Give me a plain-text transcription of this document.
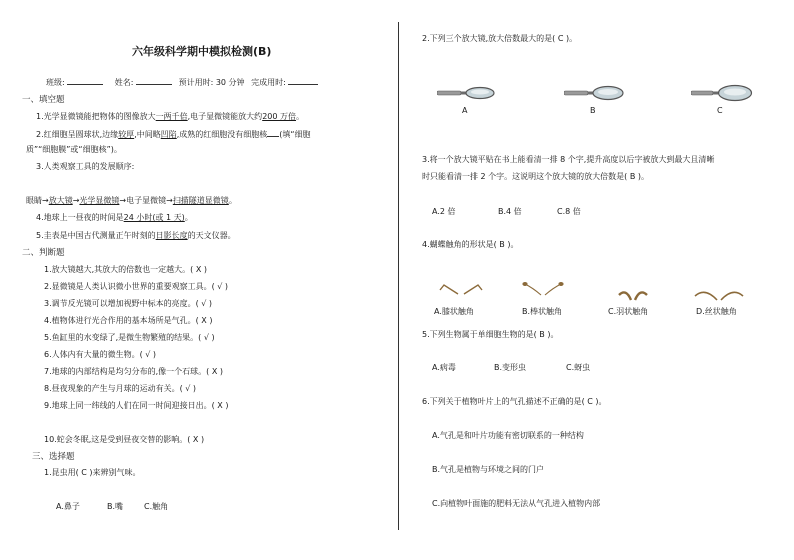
六年级科学期中模拟检测(B)
班级:	姓名:	预计用时: 30 分钟 完成用时:
一、填空题
1.光学显微镜能把物体的图像放大一两千倍,电子显微镜能放大约200 万倍。
2.红细胞呈圆球状,边缘较厚,中间略凹陷,成熟的红细胞没有细胞核 (填“细胞
质”“细胞膜”或“细胞核”)。
3.人类观察工具的发展顺序:
眼睛→放大镜→光学显微镜→电子显微镜→扫描隧道显微镜。
4.地球上一昼夜的时间是24 小时(或 1 天)。
5.圭表是中国古代测量正午时刻的日影长度的天文仪器。
二、判断题
1.放大镜越大,其放大的倍数也一定越大。( X )
2.显微镜是人类认识微小世界的重要观察工具。( √ )
3.调节反光镜可以增加视野中标本的亮度。( √ )
4.植物体进行光合作用的基本场所是气孔。( X )
5.鱼缸里的水变绿了,是微生物繁殖的结果。( √ )
6.人体内有大量的微生物。( √ )
7.地球的内部结构是均匀分布的,像一个石球。( X )
8.昼夜现象的产生与月球的运动有关。( √ )
9.地球上同一纬线的人们在同一时间迎接日出。( X )
10.蛇会冬眠,这是受到昼夜交替的影响。( X )
三、选择题
1.昆虫用( C )来辨别气味。
A.鼻子	B.嘴	C.触角
2.下列三个放大镜,放大倍数最大的是( C )。
A	B	C
3.将一个放大镜平贴在书上能看清一排 8 个字,提升高度以后字被放大到最大且清晰
时只能看清一排 2 个字。这说明这个放大镜的放大倍数是( B )。
A.2 倍	B.4 倍	C.8 倍
4.蝴蝶触角的形状是( B )。
A.膝状触角	B.棒状触角	C.羽状触角	D.丝状触角
5.下列生物属于单细胞生物的是( B )。
A.病毒	B.变形虫	C.蚜虫
6.下列关于植物叶片上的气孔描述不正确的是( C )。
A.气孔是和叶片功能有密切联系的一种结构
B.气孔是植物与环境之间的门户
C.向植物叶面施的肥料无法从气孔进入植物内部
